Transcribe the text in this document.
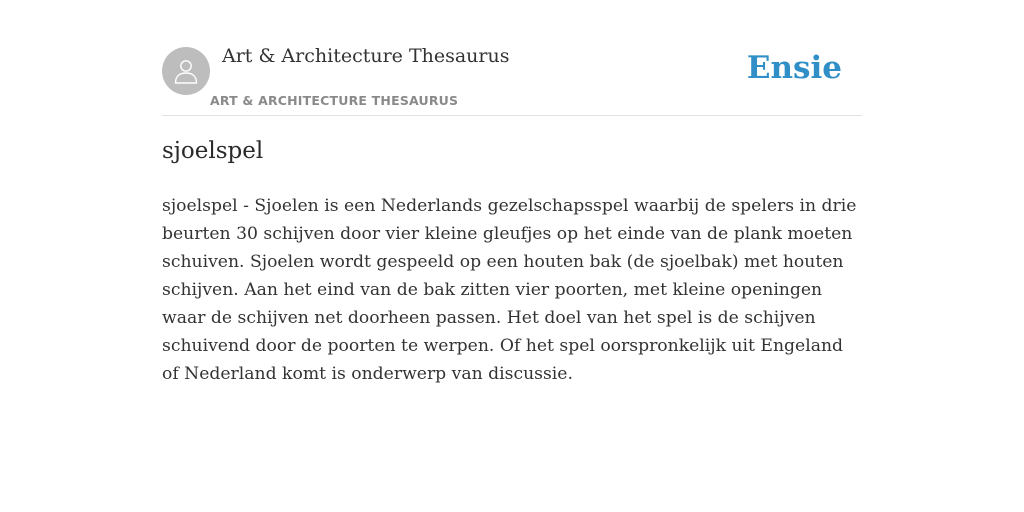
Art & Architecture Thesaurus
ART & ARCHITECTURE THESAURUS
Ensie
sjoelspel

sjoelspel - Sjoelen is een Nederlands gezelschapsspel waarbij de spelers in drie beurten 30 schijven door vier kleine gleufjes op het einde van de plank moeten schuiven. Sjoelen wordt gespeeld op een houten bak (de sjoelbak) met houten schijven. Aan het eind van de bak zitten vier poorten, met kleine openingen waar de schijven net doorheen passen. Het doel van het spel is de schijven schuivend door de poorten te werpen. Of het spel oorspronkelijk uit Engeland of Nederland komt is onderwerp van discussie.
